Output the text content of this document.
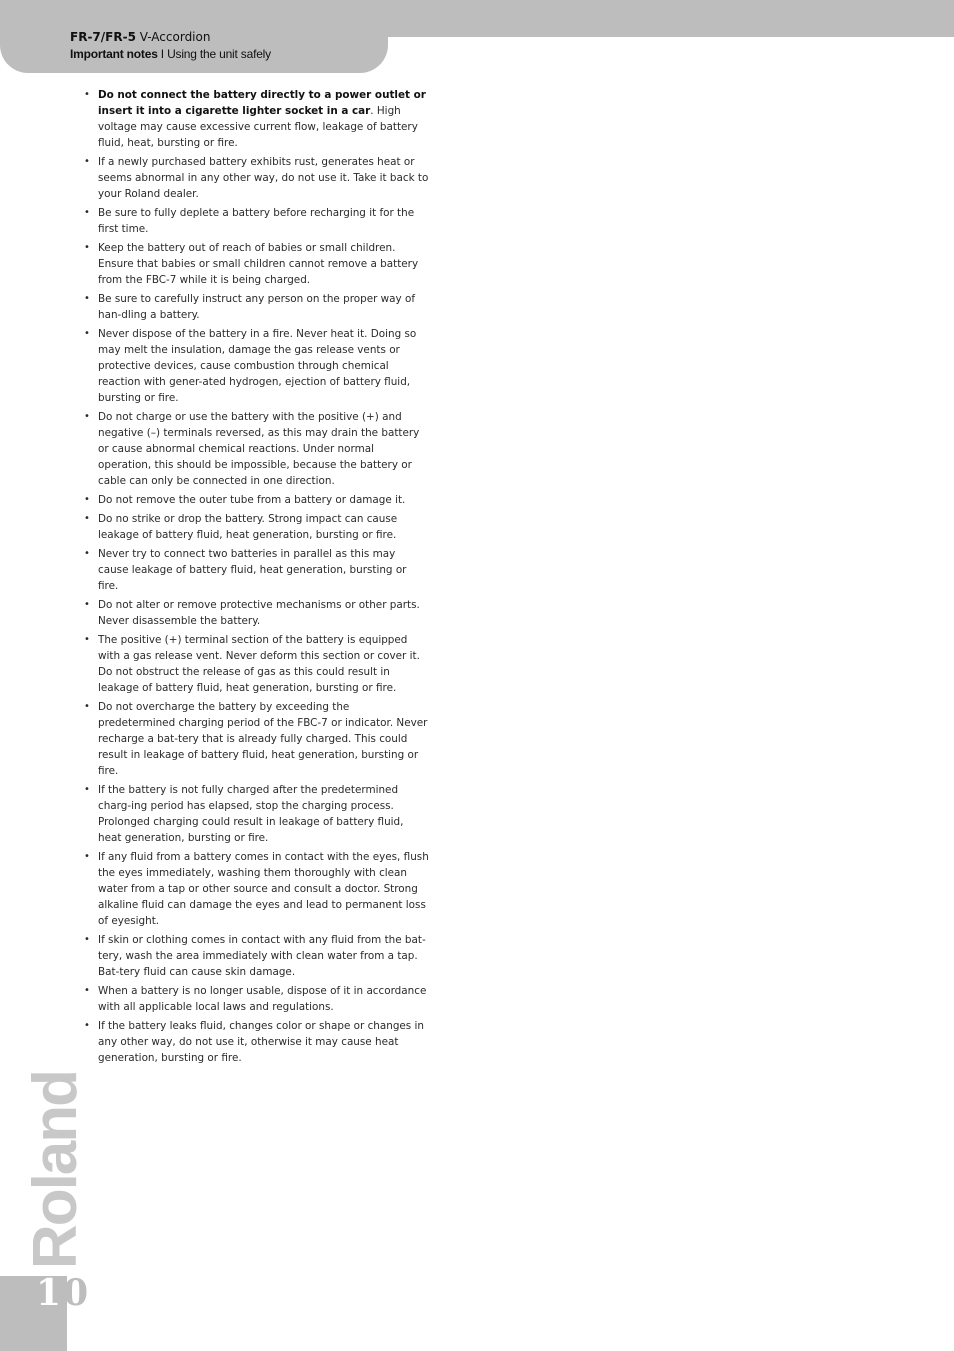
FR-7/FR-5 V-Accordion
Important notes I Using the unit safely
• Do not connect the battery directly to a power outlet or insert it into a cigarette lighter socket in a car. High voltage may cause excessive current flow, leakage of battery fluid, heat, bursting or fire.
• If a newly purchased battery exhibits rust, generates heat or seems abnormal in any other way, do not use it. Take it back to your Roland dealer.
• Be sure to fully deplete a battery before recharging it for the first time.
• Keep the battery out of reach of babies or small children. Ensure that babies or small children cannot remove a battery from the FBC-7 while it is being charged.
• Be sure to carefully instruct any person on the proper way of han-dling a battery.
• Never dispose of the battery in a fire. Never heat it. Doing so may melt the insulation, damage the gas release vents or protective devices, cause combustion through chemical reaction with gener-ated hydrogen, ejection of battery fluid, bursting or fire.
• Do not charge or use the battery with the positive (+) and negative (–) terminals reversed, as this may drain the battery or cause abnormal chemical reactions. Under normal operation, this should be impossible, because the battery or cable can only be connected in one direction.
• Do not remove the outer tube from a battery or damage it.
• Do no strike or drop the battery. Strong impact can cause leakage of battery fluid, heat generation, bursting or fire.
• Never try to connect two batteries in parallel as this may cause leakage of battery fluid, heat generation, bursting or fire.
• Do not alter or remove protective mechanisms or other parts. Never disassemble the battery.
• The positive (+) terminal section of the battery is equipped with a gas release vent. Never deform this section or cover it. Do not obstruct the release of gas as this could result in leakage of battery fluid, heat generation, bursting or fire.
• Do not overcharge the battery by exceeding the predetermined charging period of the FBC-7 or indicator. Never recharge a bat-tery that is already fully charged. This could result in leakage of battery fluid, heat generation, bursting or fire.
• If the battery is not fully charged after the predetermined charg-ing period has elapsed, stop the charging process. Prolonged charging could result in leakage of battery fluid, heat generation, bursting or fire.
• If any fluid from a battery comes in contact with the eyes, flush the eyes immediately, washing them thoroughly with clean water from a tap or other source and consult a doctor. Strong alkaline fluid can damage the eyes and lead to permanent loss of eyesight.
• If skin or clothing comes in contact with any fluid from the bat-tery, wash the area immediately with clean water from a tap. Bat-tery fluid can cause skin damage.
• When a battery is no longer usable, dispose of it in accordance with all applicable local laws and regulations.
• If the battery leaks fluid, changes color or shape or changes in any other way, do not use it, otherwise it may cause heat generation, bursting or fire.
Roland
10
